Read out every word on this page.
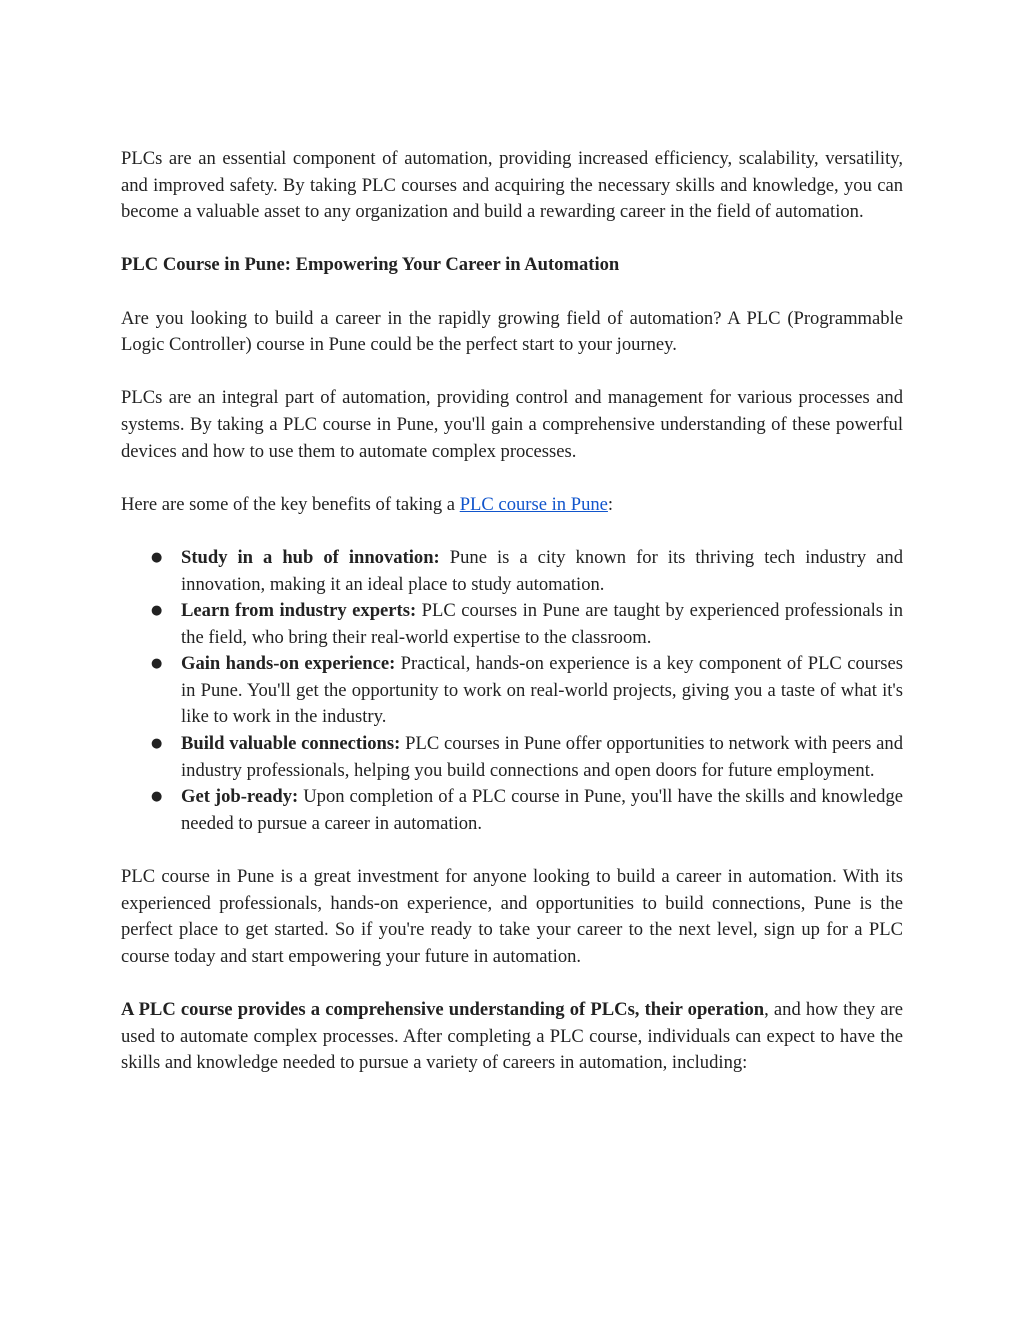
PLCs are an essential component of automation, providing increased efficiency, scalability, versatility, and improved safety. By taking PLC courses and acquiring the necessary skills and knowledge, you can become a valuable asset to any organization and build a rewarding career in the field of automation.

PLC Course in Pune: Empowering Your Career in Automation

Are you looking to build a career in the rapidly growing field of automation? A PLC (Programmable Logic Controller) course in Pune could be the perfect start to your journey.

PLCs are an integral part of automation, providing control and management for various processes and systems. By taking a PLC course in Pune, you'll gain a comprehensive understanding of these powerful devices and how to use them to automate complex processes.

Here are some of the key benefits of taking a PLC course in Pune:

● Study in a hub of innovation: Pune is a city known for its thriving tech industry and innovation, making it an ideal place to study automation.
● Learn from industry experts: PLC courses in Pune are taught by experienced professionals in the field, who bring their real-world expertise to the classroom.
● Gain hands-on experience: Practical, hands-on experience is a key component of PLC courses in Pune. You'll get the opportunity to work on real-world projects, giving you a taste of what it's like to work in the industry.
● Build valuable connections: PLC courses in Pune offer opportunities to network with peers and industry professionals, helping you build connections and open doors for future employment.
● Get job-ready: Upon completion of a PLC course in Pune, you'll have the skills and knowledge needed to pursue a career in automation.

PLC course in Pune is a great investment for anyone looking to build a career in automation. With its experienced professionals, hands-on experience, and opportunities to build connections, Pune is the perfect place to get started. So if you're ready to take your career to the next level, sign up for a PLC course today and start empowering your future in automation.

A PLC course provides a comprehensive understanding of PLCs, their operation, and how they are used to automate complex processes. After completing a PLC course, individuals can expect to have the skills and knowledge needed to pursue a variety of careers in automation, including:
